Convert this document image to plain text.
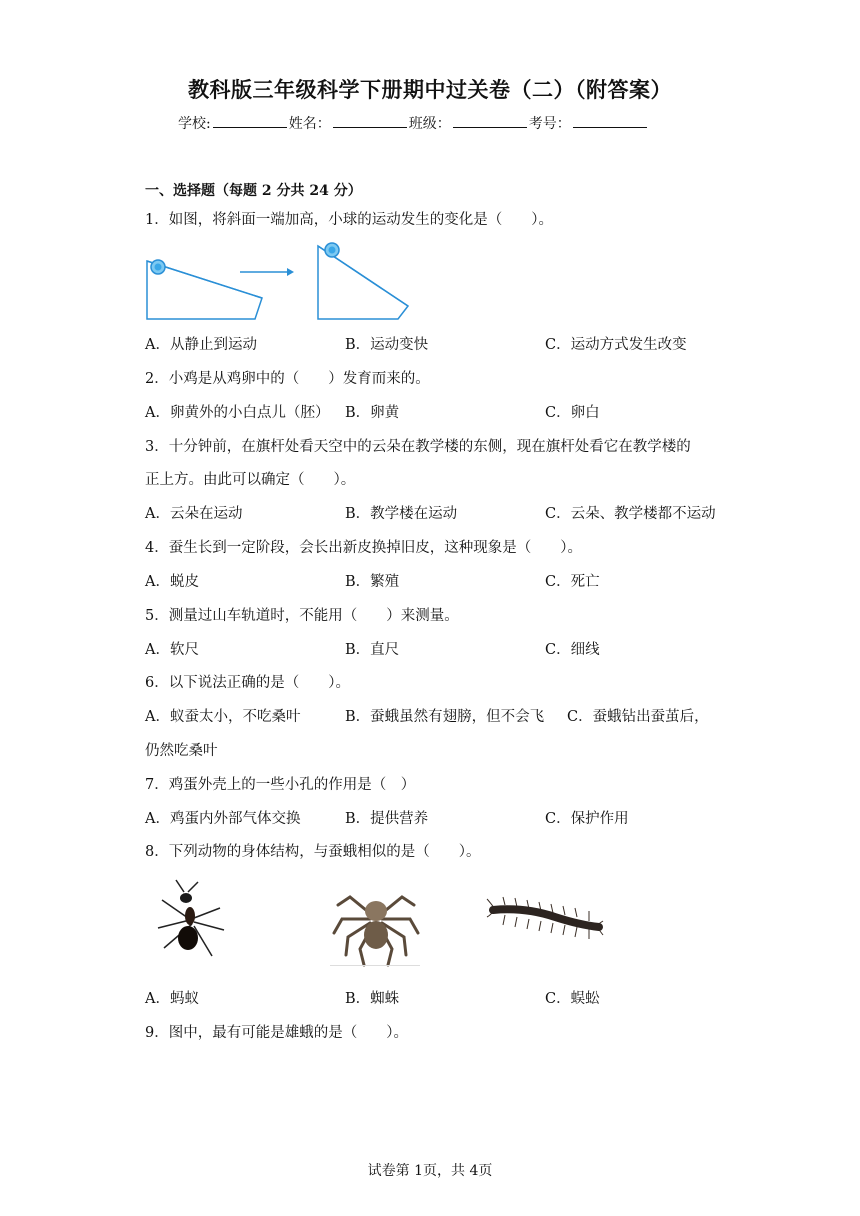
教科版三年级科学下册期中过关卷（二）（附答案）
学校:	姓名：	班级：	考号：
一、选择题（每题 2 分共 24 分）
1．如图，将斜面一端加高，小球的运动发生的变化是（　　）。
A．从静止到运动	B．运动变快	C．运动方式发生改变
2．小鸡是从鸡卵中的（　　）发育而来的。
A．卵黄外的小白点儿（胚） B．卵黄	C．卵白
3．十分钟前，在旗杆处看天空中的云朵在教学楼的东侧，现在旗杆处看它在教学楼的
正上方。由此可以确定（　　）。
A．云朵在运动	B．教学楼在运动	C．云朵、教学楼都不运动
4．蚕生长到一定阶段，会长出新皮换掉旧皮，这种现象是（　　）。
A．蜕皮	B．繁殖	C．死亡
5．测量过山车轨道时，不能用（　　）来测量。
A．软尺	B．直尺	C．细线
6．以下说法正确的是（　　）。
A．蚁蚕太小，不吃桑叶	B．蚕蛾虽然有翅膀，但不会飞 C．蚕蛾钻出蚕茧后，
仍然吃桑叶
7．鸡蛋外壳上的一些小孔的作用是（　）
A．鸡蛋内外部气体交换	B．提供营养	C．保护作用
8．下列动物的身体结构，与蚕蛾相似的是（　　）。
A．蚂蚁	B．蜘蛛	C．蜈蚣
9．图中，最有可能是雄蛾的是（　　）。
试卷第 1页，共 4页
